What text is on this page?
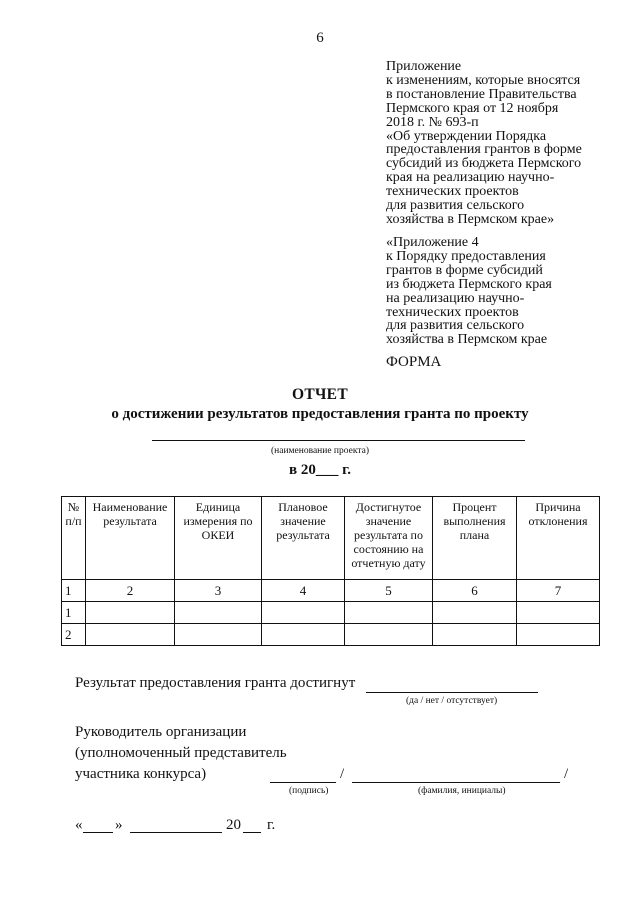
6
Приложение
к изменениям, которые вносятся
в постановление Правительства
Пермского края от 12 ноября
2018 г. № 693-п
«Об утверждении Порядка
предоставления грантов в форме
субсидий из бюджета Пермского
края на реализацию научно-
технических проектов
для развития сельского
хозяйства в Пермском крае»
«Приложение 4
к Порядку предоставления
грантов в форме субсидий
из бюджета Пермского края
на реализацию научно-
технических проектов
для развития сельского
хозяйства в Пермском крае
ФОРМА
ОТЧЕТ
о достижении результатов предоставления гранта по проекту
(наименование проекта)
в 20___ г.
№ п/п	Наименование результата	Единица измерения по ОКЕИ	Плановое значение результата	Достигнутое значение результата по состоянию на отчетную дату	Процент выполнения плана	Причина отклонения
1	2	3	4	5	6	7
1						
2						
Результат предоставления гранта достигнут
(да / нет / отсутствует)
Руководитель организации
(уполномоченный представитель
участника конкурса)	/	/
(подпись)	(фамилия, инициалы)
« »	20 г.
